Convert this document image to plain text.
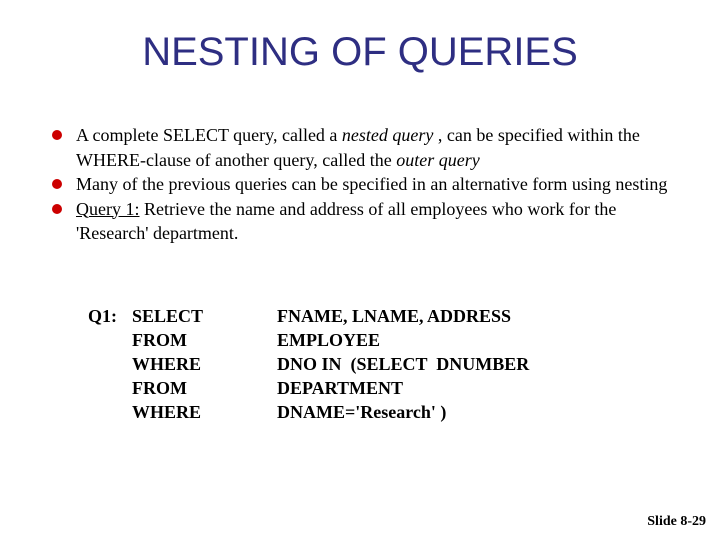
NESTING OF QUERIES
A complete SELECT query, called a nested query , can be specified within the WHERE-clause of another query, called the outer query
Many of the previous queries can be specified in an alternative form using nesting
Query 1: Retrieve the name and address of all employees who work for the 'Research' department.
Q1: SELECT
FROM
WHERE
FROM
WHERE
FNAME, LNAME, ADDRESS
EMPLOYEE
DNO IN  (SELECT  DNUMBER
DEPARTMENT
DNAME='Research' )
Slide 8-29
